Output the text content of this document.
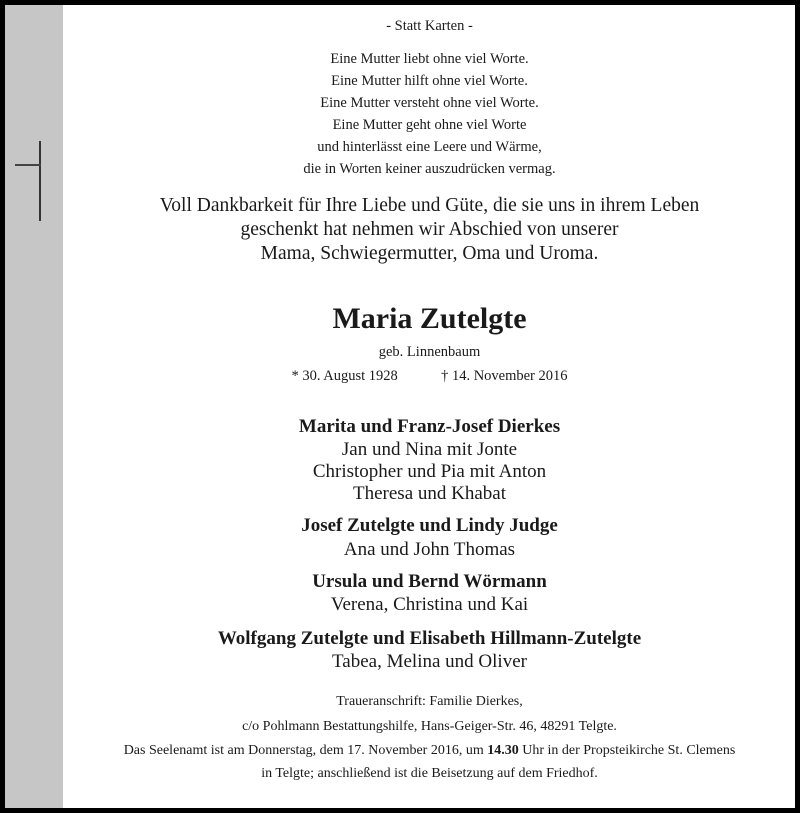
- Statt Karten -
Eine Mutter liebt ohne viel Worte.
Eine Mutter hilft ohne viel Worte.
Eine Mutter versteht ohne viel Worte.
Eine Mutter geht ohne viel Worte
und hinterlässt eine Leere und Wärme,
die in Worten keiner auszudrücken vermag.
Voll Dankbarkeit für Ihre Liebe und Güte, die sie uns in ihrem Leben
geschenkt hat nehmen wir Abschied von unserer
Mama, Schwiegermutter, Oma und Uroma.
Maria Zutelgte
geb. Linnenbaum
* 30. August 1928	† 14. November 2016
Marita und Franz-Josef Dierkes
Jan und Nina mit Jonte
Christopher und Pia mit Anton
Theresa und Khabat
Josef Zutelgte und Lindy Judge
Ana und John Thomas
Ursula und Bernd Wörmann
Verena, Christina und Kai
Wolfgang Zutelgte und Elisabeth Hillmann-Zutelgte
Tabea, Melina und Oliver
Traueranschrift: Familie Dierkes,
c/o Pohlmann Bestattungshilfe, Hans-Geiger-Str. 46, 48291 Telgte.
Das Seelenamt ist am Donnerstag, dem 17. November 2016, um 14.30 Uhr in der Propsteikirche St. Clemens
in Telgte; anschließend ist die Beisetzung auf dem Friedhof.
